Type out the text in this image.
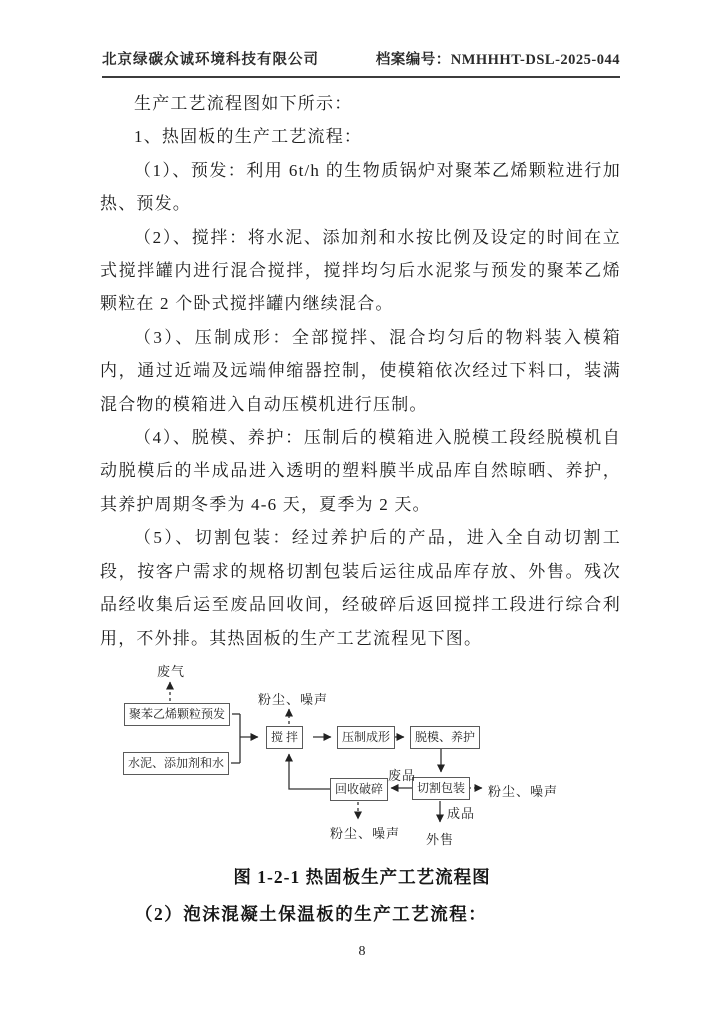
北京绿碳众诚环境科技有限公司	档案编号：NMHHHT-DSL-2025-044

生产工艺流程图如下所示：

1、热固板的生产工艺流程：

（1）、预发：利用 6t/h 的生物质锅炉对聚苯乙烯颗粒进行加热、预发。

（2）、搅拌：将水泥、添加剂和水按比例及设定的时间在立式搅拌罐内进行混合搅拌，搅拌均匀后水泥浆与预发的聚苯乙烯颗粒在 2 个卧式搅拌罐内继续混合。

（3）、压制成形：全部搅拌、混合均匀后的物料装入模箱内，通过近端及远端伸缩器控制，使模箱依次经过下料口，装满混合物的模箱进入自动压模机进行压制。

（4）、脱模、养护：压制后的模箱进入脱模工段经脱模机自动脱模后的半成品进入透明的塑料膜半成品库自然晾晒、养护，其养护周期冬季为 4-6 天，夏季为 2 天。

（5）、切割包装：经过养护后的产品，进入全自动切割工段，按客户需求的规格切割包装后运往成品库存放、外售。残次品经收集后运至废品回收间，经破碎后返回搅拌工段进行综合利用，不外排。其热固板的生产工艺流程见下图。

聚苯乙烯颗粒预发
水泥、添加剂和水
搅 拌	压制成形	脱模、养护
切割包装
回收破碎
废气
粉尘、噪声
废品
粉尘、噪声
粉尘、噪声
成品
外售
图 1-2-1 热固板生产工艺流程图
（2）泡沫混凝土保温板的生产工艺流程：
8
